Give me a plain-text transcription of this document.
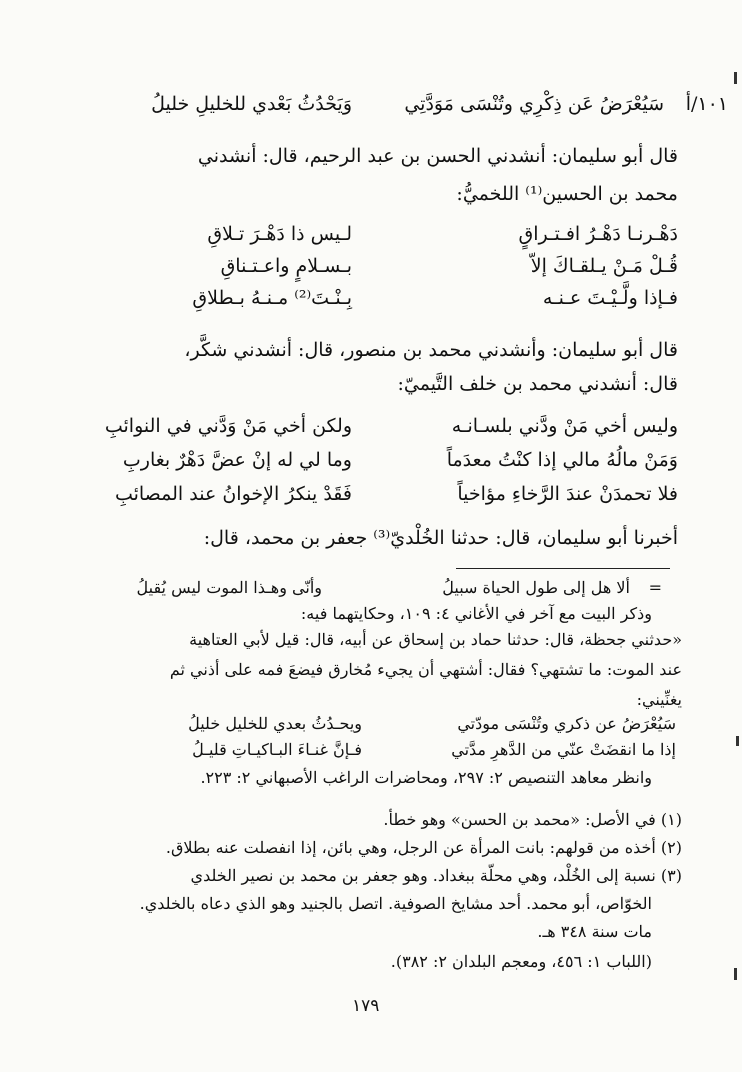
١٠١/أ
سَيُعْرَضُ عَن ذِكْرِي وتُنْسَى مَوَدَّتِي
وَيَحْدُثُ بَعْدي للخليلِ خليلُ
قال أبو سليمان: أنشدني الحسن بن عبد الرحيم، قال: أنشدني
محمد بن الحسين⁽¹⁾ اللخميُّ:
دَهْـرنـا دَهْـرُ افـتـراقٍ
لـيس ذا دَهْـرَ تـلاقِ
قُـلْ مَـنْ يـلقـاكَ إلاّ
بـسـلامٍ واعـتـناقِ
فـإذا ولَّـيْـتَ عـنـه
بِـنْـتَ⁽²⁾ مـنـهُ بـطلاقِ
قال أبو سليمان: وأنشدني محمد بن منصور، قال: أنشدني شكَّر،
قال: أنشدني محمد بن خلف التَّيميّ:
وليس أخي مَنْ ودَّني بلسـانـه
ولكن أخي مَنْ وَدَّني في النوائبِ
وَمَنْ مالُهُ مالي إذا كنْتُ معدَماً
وما لي له إنْ عضَّ دَهْرٌ بغاربِ
فلا تحمدَنْ عندَ الرَّخاءِ مؤاخياً
فَقَدْ ينكرُ الإخوانُ عند المصائبِ
أخبرنا أبو سليمان، قال: حدثنا الخُلْديّ⁽³⁾ جعفر بن محمد، قال:
=
ألا هل إلى طول الحياة سبيلُ
وأنّى وهـذا الموت ليس يُقيلُ
وذكر البيت مع آخر في الأغاني ٤: ١٠٩، وحكايتهما فيه:
«حدثني جحظة، قال: حدثنا حماد بن إسحاق عن أبيه، قال: قيل لأبي العتاهية
عند الموت: ما تشتهي؟ فقال: أشتهي أن يجيء مُخارق فيضعَ فمه على أذني ثم
يغنِّيني:
سَيُعْرَضُ عن ذكري وتُنْسَى مودّتي
ويحـدُثُ بعدي للخليل خليلُ
إذا ما انقضَتْ عنّي من الدَّهرِ مدَّتي
فـإنَّ غنـاءَ البـاكيـاتِ قليـلُ
وانظر معاهد التنصيص ٢: ٢٩٧، ومحاضرات الراغب الأصبهاني ٢: ٢٢٣.
(١) في الأصل: «محمد بن الحسن» وهو خطأ.
(٢) أخذه من قولهم: بانت المرأة عن الرجل، وهي بائن، إذا انفصلت عنه بطلاق.
(٣) نسبة إلى الخُلْد، وهي محلّة ببغداد. وهو جعفر بن محمد بن نصير الخلدي
الخوّاص، أبو محمد. أحد مشايخ الصوفية. اتصل بالجنيد وهو الذي دعاه بالخلدي.
مات سنة ٣٤٨ هـ.
(اللباب ١: ٤٥٦، ومعجم البلدان ٢: ٣٨٢).
١٧٩
